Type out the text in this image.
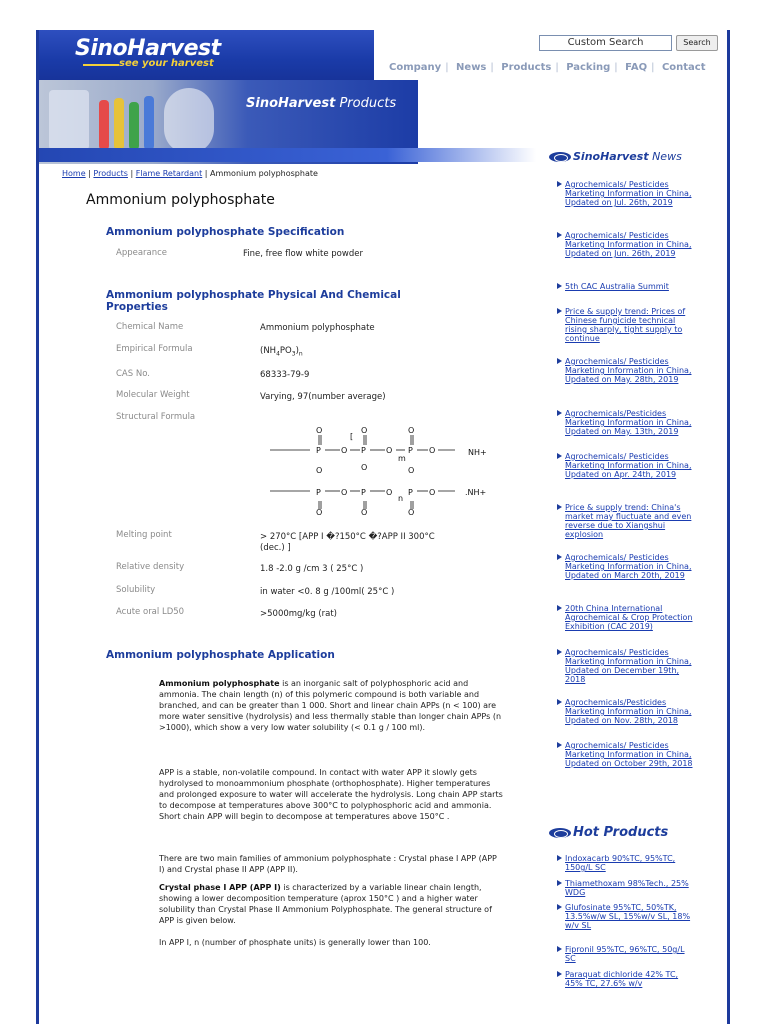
SinoHarvest
see your harvest
SinoHarvest Products
Custom Search	Search
Company | News | Products | Packing | FAQ | Contact
Home | Products | Flame Retardant | Ammonium polyphosphate
Ammonium polyphosphate
Ammonium polyphosphate Specification
Appearance	Fine, free flow white powder
Ammonium polyphosphate Physical And Chemical
Properties
Chemical Name	Ammonium polyphosphate
Empirical Formula	$(NH_4PO_3)_n$
CAS No.	68333-79-9
Molecular Weight	Varying, 97(number average)
Structural Formula
O
P	O
[
O
P	O
m
O
P O	NH+
O	O	O
P	O P	O
n
P O	.NH+
O	O	O
Melting point	> 270°C [APP I �?150°C �?APP II 300°C
(dec.) ]
Relative density	1.8 -2.0 g /cm 3 ( 25°C )
Solubility	in water <0. 8 g /100ml( 25°C )
Acute oral LD50	>5000mg/kg (rat)
Ammonium polyphosphate Application
Ammonium polyphosphate is an inorganic salt of polyphosphoric acid and ammonia. The chain length (n) of this polymeric compound is both variable and branched, and can be greater than 1 000. Short and linear chain APPs (n < 100) are more water sensitive (hydrolysis) and less thermally stable than longer chain APPs (n >1000), which show a very low water solubility (< 0.1 g / 100 ml).
APP is a stable, non-volatile compound. In contact with water APP it slowly gets hydrolysed to monoammonium phosphate (orthophosphate). Higher temperatures and prolonged exposure to water will accelerate the hydrolysis. Long chain APP starts to decompose at temperatures above 300°C to polyphosphoric acid and ammonia. Short chain APP will begin to decompose at temperatures above 150°C .
There are two main families of ammonium polyphosphate : Crystal phase I APP (APP I) and Crystal phase II APP (APP II).
Crystal phase I APP (APP I) is characterized by a variable linear chain length, showing a lower decomposition temperature (aprox 150°C ) and a higher water solubility than Crystal Phase II Ammonium Polyphosphate. The general structure of APP is given below.
In APP I, n (number of phosphate units) is generally lower than 100.
SinoHarvest News
Agrochemicals/ Pesticides Marketing Information in China, Updated on Jul. 26th, 2019
Agrochemicals/ Pesticides Marketing Information in China, Updated on Jun. 26th, 2019
5th CAC Australia Summit
Price & supply trend: Prices of Chinese fungicide technical rising sharply, tight supply to continue
Agrochemicals/ Pesticides Marketing Information in China, Updated on May. 28th, 2019
Agrochemicals/Pesticides Marketing Information in China, Updated on May. 13th, 2019
Agrochemicals/ Pesticides Marketing Information in China, Updated on Apr. 24th, 2019
Price & supply trend: China's market may fluctuate and even reverse due to Xiangshui explosion
Agrochemicals/ Pesticides Marketing Information in China, Updated on March 20th, 2019
20th China International Agrochemical & Crop Protection Exhibition (CAC 2019)
Agrochemicals/ Pesticides Marketing Information in China, Updated on December 19th, 2018
Agrochemicals/Pesticides Marketing Information in China, Updated on Nov. 28th, 2018
Agrochemicals/ Pesticides Marketing Information in China, Updated on October 29th, 2018
Hot Products
Indoxacarb 90%TC, 95%TC, 150g/L SC
Thiamethoxam 98%Tech., 25% WDG
Glufosinate 95%TC, 50%TK, 13.5%w/w SL, 15%w/v SL, 18% w/v SL
Fipronil 95%TC, 96%TC, 50g/L SC
Paraquat dichloride 42% TC, 45% TC, 27.6% w/v
